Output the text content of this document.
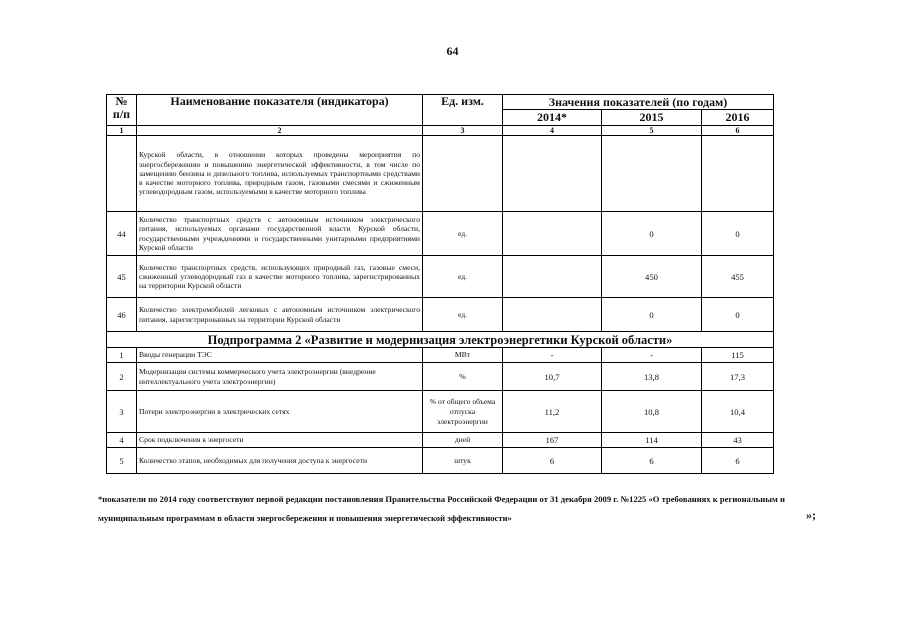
64
№
п/п	Наименование показателя (индикатора)	Ед. изм.	Значения показателей (по годам)		
			2014*	2015	2016
1	2	3	4	5	6
	Курской области, в отношении которых проведены мероприятия по энергосбережению и повышению энергетической эффективности, в том числе по замещению бензина и дизельного топлива, используемых транспортными средствами в качестве моторного топлива, природным газом, газовыми смесями и сжиженным углеводородным газом, используемыми в качестве моторного топлива				
44	Количество транспортных средств с автономным источником электрического питания, используемых органами государственной власти Курской области, государственными учреждениями и государственными унитарными предприятиями Курской области	ед.		0	0
45	Количество транспортных средств, использующих природный газ, газовые смеси, сжиженный углеводородный газ в качестве моторного топлива, зарегистрированных на территории Курской области	ед.		450	455
46	Количество электромобилей легковых с автономным источником электрического питания, зарегистрированных на территории Курской области	ед.		0	0
Подпрограмма 2 «Развитие и модернизация электроэнергетики Курской области»					
1	Вводы генерации ТЭС	МВт	-	-	115
2	Модернизация системы коммерческого учета электроэнергии (внедрение интеллектуального учета электроэнергии)	%	10,7	13,8	17,3
3	Потери электроэнергии в электрических сетях	% от общего объема отпуска электроэнергии	11,2	10,8	10,4
4	Срок подключения к энергосети	дней	167	114	43
5	Количество этапов, необходимых для получения доступа к энергосети	штук	6	6	6
*показатели по 2014 году соответствуют первой редакции постановления Правительства Российской Федерации от 31 декабря 2009 г. №1225 «О требованиях к региональным и муниципальным программам в области энергосбережения и повышения энергетической эффективности»	»;
